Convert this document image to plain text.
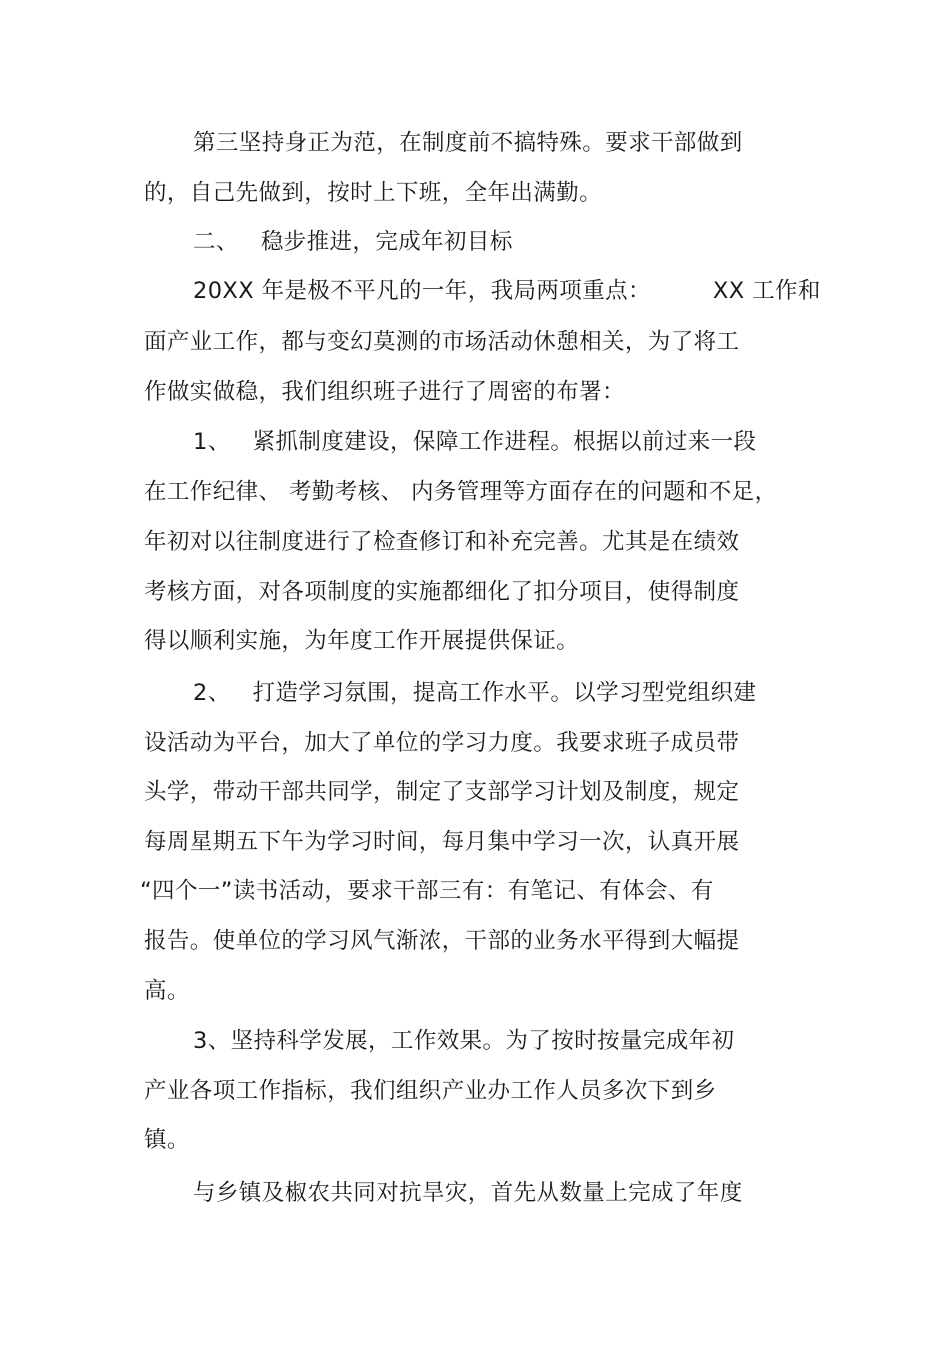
第三坚持身正为范，在制度前不搞特殊。要求干部做到
的，自己先做到，按时上下班，全年出满勤。
二、 稳步推进，完成年初目标
20XX 年是极不平凡的一年，我局两项重点：	XX 工作和
面产业工作，都与变幻莫测的市场活动休憩相关，为了将工
作做实做稳，我们组织班子进行了周密的布署：
1、 紧抓制度建设，保障工作进程。根据以前过来一段
在工作纪律、 考勤考核、 内务管理等方面存在的问题和不足，
年初对以往制度进行了检查修订和补充完善。尤其是在绩效
考核方面，对各项制度的实施都细化了扣分项目，使得制度
得以顺利实施，为年度工作开展提供保证。
2、 打造学习氛围，提高工作水平。以学习型党组织建
设活动为平台，加大了单位的学习力度。我要求班子成员带
头学，带动干部共同学，制定了支部学习计划及制度，规定
每周星期五下午为学习时间，每月集中学习一次，认真开展
“四个一”读书活动，要求干部三有：有笔记、有体会、有
报告。使单位的学习风气渐浓，干部的业务水平得到大幅提
高。
3、坚持科学发展，工作效果。为了按时按量完成年初
产业各项工作指标，我们组织产业办工作人员多次下到乡
镇。
与乡镇及椒农共同对抗旱灾，首先从数量上完成了年度
